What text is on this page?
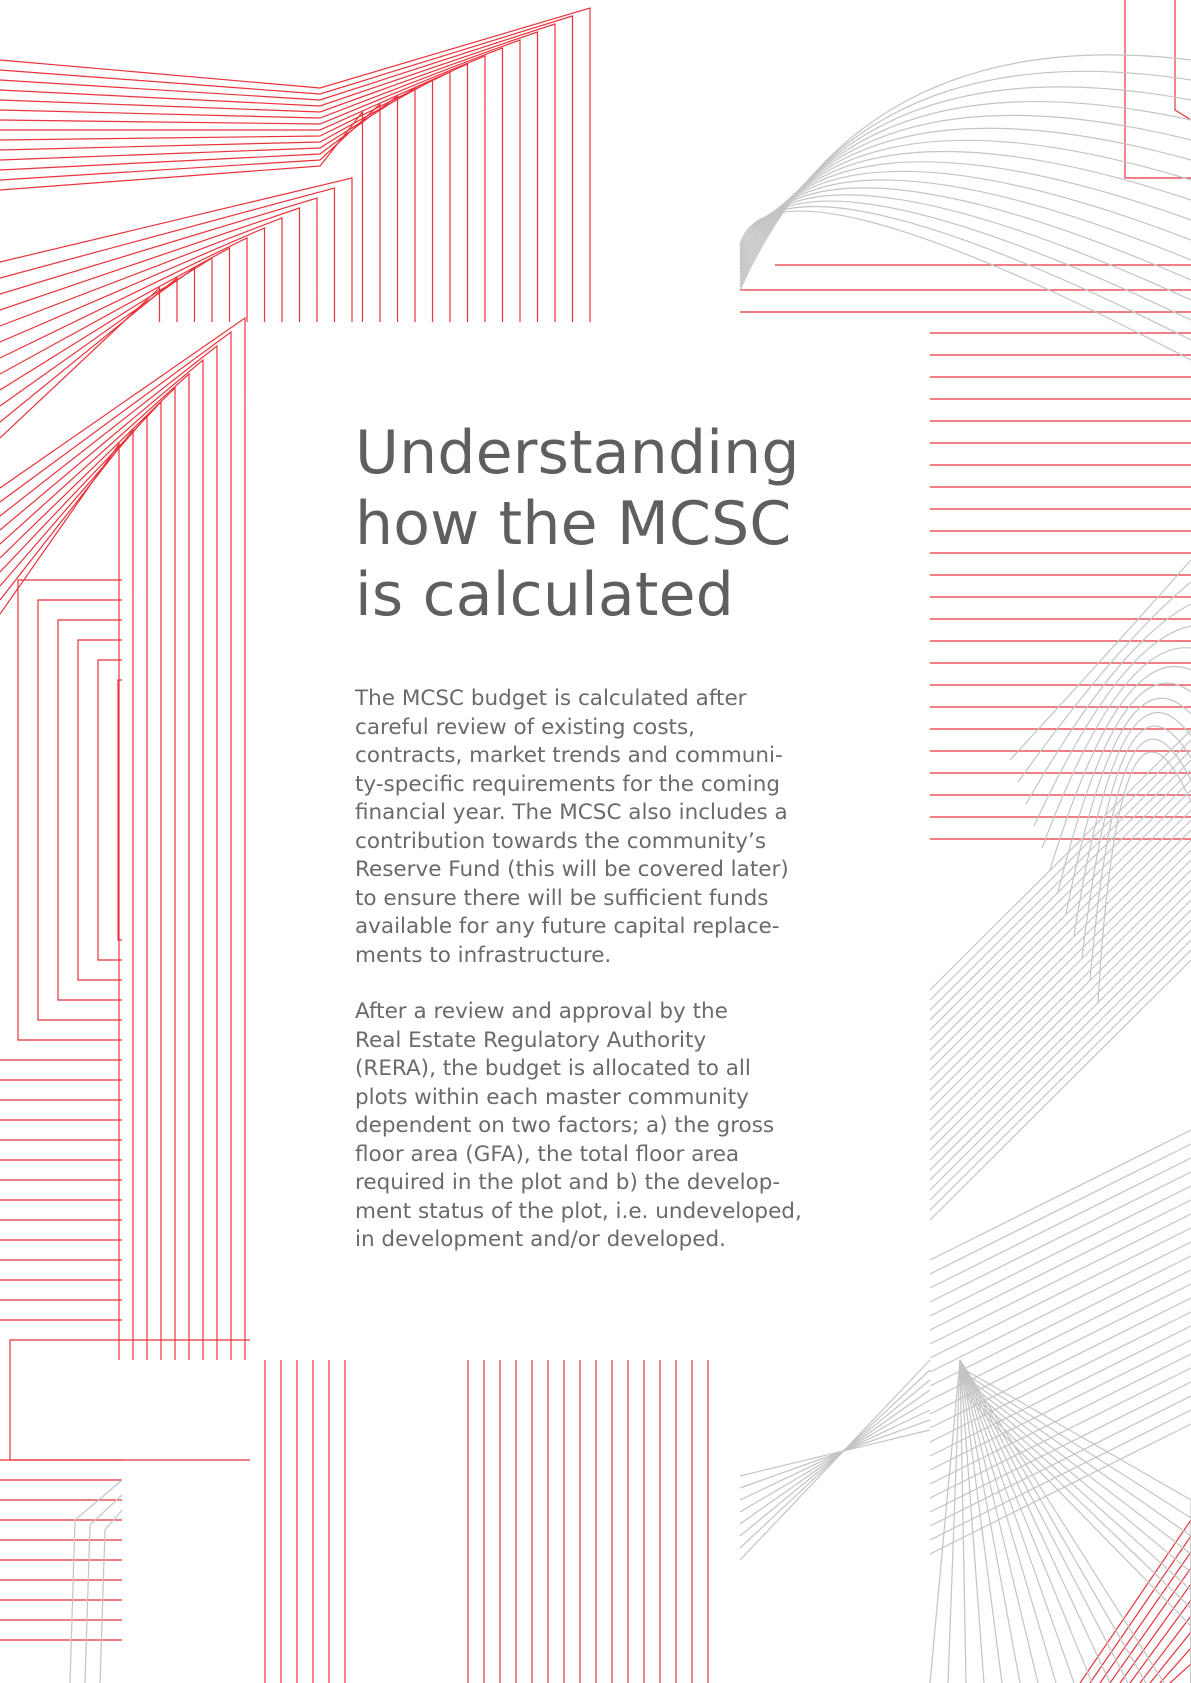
Understanding
how the MCSC
is calculated

The MCSC budget is calculated after
careful review of existing costs,
contracts, market trends and communi-
ty-specific requirements for the coming
financial year. The MCSC also includes a
contribution towards the community’s
Reserve Fund (this will be covered later)
to ensure there will be sufficient funds
available for any future capital replace-
ments to infrastructure.

After a review and approval by the
Real Estate Regulatory Authority
(RERA), the budget is allocated to all
plots within each master community
dependent on two factors; a) the gross
floor area (GFA), the total floor area
required in the plot and b) the develop-
ment status of the plot, i.e. undeveloped,
in development and/or developed.
